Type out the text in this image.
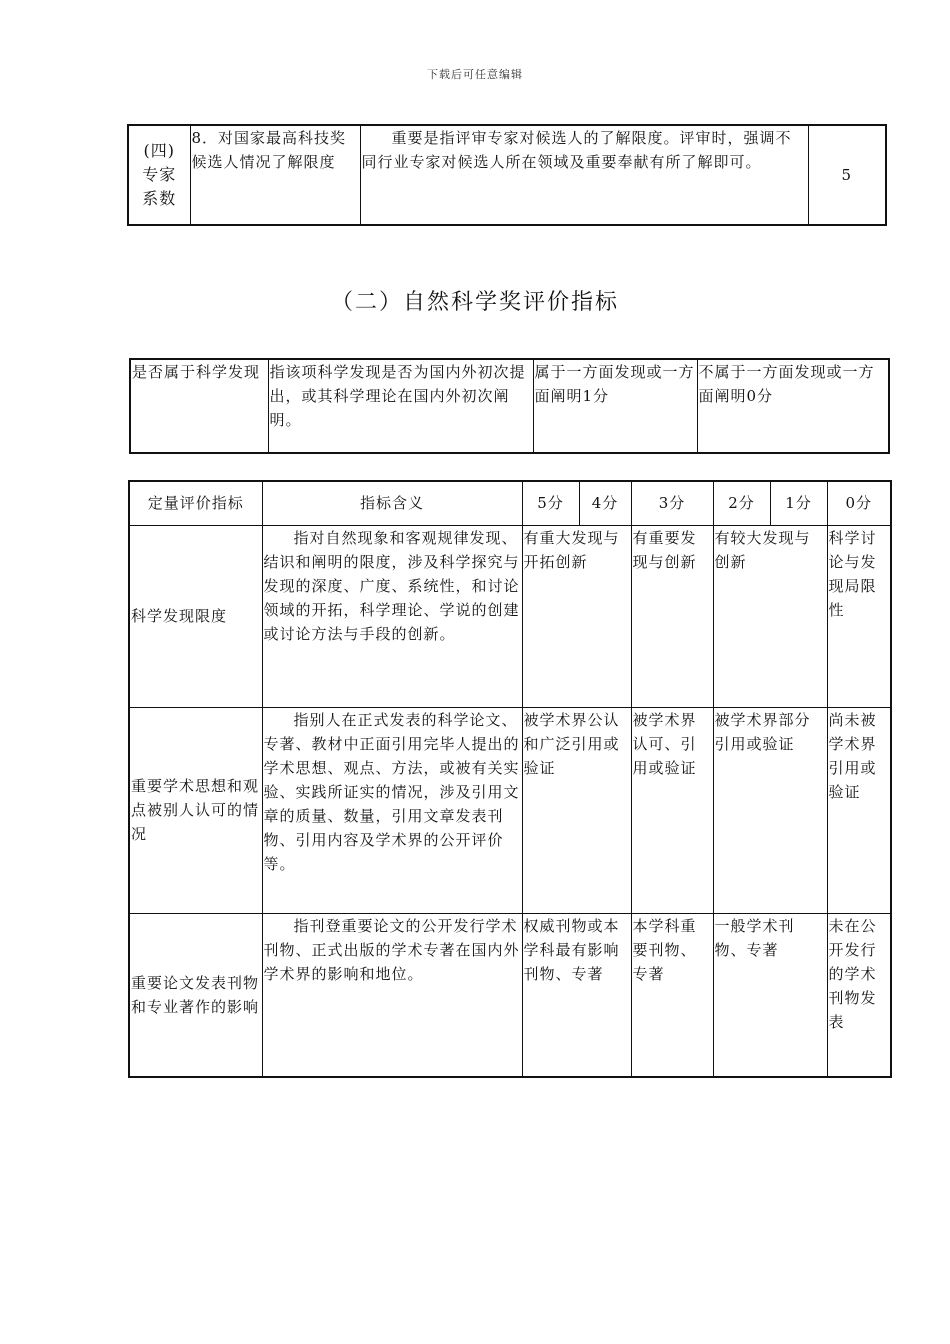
下载后可任意编辑
(四)专家系数	8．对国家最高科技奖候选人情况了解限度	重要是指评审专家对候选人的了解限度。评审时，强调不同行业专家对候选人所在领域及重要奉献有所了解即可。	5
（二）自然科学奖评价指标
是否属于科学发现	指该项科学发现是否为国内外初次提出，或其科学理论在国内外初次阐明。	属于一方面发现或一方面阐明1分	不属于一方面发现或一方面阐明0分
定量评价指标	指标含义	5分	4分	3分	2分	1分	0分
科学发现限度	指对自然现象和客观规律发现、结识和阐明的限度，涉及科学探究与发现的深度、广度、系统性，和讨论领域的开拓，科学理论、学说的创建或讨论方法与手段的创新。	有重大发现与开拓创新		有重要发现与创新	有较大发现与创新		科学讨论与发现局限性
重要学术思想和观点被别人认可的情况	指别人在正式发表的科学论文、专著、教材中正面引用完毕人提出的学术思想、观点、方法，或被有关实验、实践所证实的情况，涉及引用文章的质量、数量，引用文章发表刊物、引用内容及学术界的公开评价等。	被学术界公认和广泛引用或验证		被学术界认可、引用或验证	被学术界部分引用或验证		尚未被学术界引用或验证
重要论文发表刊物和专业著作的影响	指刊登重要论文的公开发行学术刊物、正式出版的学术专著在国内外学术界的影响和地位。	权威刊物或本学科最有影响刊物、专著		本学科重要刊物、专著	一般学术刊物、专著		未在公开发行的学术刊物发表
